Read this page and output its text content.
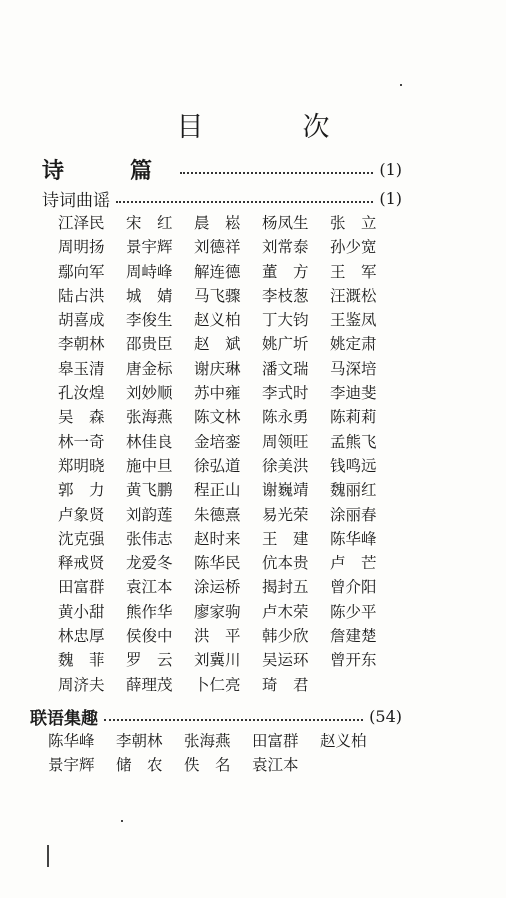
目　次
诗　篇	(1)
诗词曲谣	(1)
江泽民	宋　红	晨　崧	杨凤生	张　立
周明扬	景宇辉	刘德祥	刘常泰	孙少宽
鄢向军	周峙峰	解连德	董　方	王　军
陆占洪	城　婧	马飞骤	李枝葱	汪溉松
胡喜成	李俊生	赵义柏	丁大钧	王鉴凤
李朝林	邵贵臣	赵　斌	姚广圻	姚定肃
皋玉清	唐金标	谢庆琳	潘文瑞	马深培
孔汝煌	刘妙顺	苏中雍	李式时	李迪斐
吴　森	张海燕	陈文林	陈永勇	陈莉莉
林一奇	林佳良	金培銮	周领旺	孟熊飞
郑明晓	施中旦	徐弘道	徐美洪	钱鸣远
郭　力	黄飞鹏	程正山	谢巍靖	魏丽红
卢象贤	刘韵莲	朱德熹	易光荣	涂丽春
沈克强	张伟志	赵时来	王　建	陈华峰
释戒贤	龙爱冬	陈华民	伉本贵	卢　芒
田富群	袁江本	涂运桥	揭封五	曾介阳
黄小甜	熊作华	廖家驹	卢木荣	陈少平
林忠厚	侯俊中	洪　平	韩少欣	詹建楚
魏　菲	罗　云	刘冀川	吴运环	曾开东
周济夫	薛理茂	卜仁亮	琦　君
联语集趣	(54)
陈华峰	李朝林	张海燕	田富群	赵义柏
景宇辉	储　农	佚　名	袁江本
